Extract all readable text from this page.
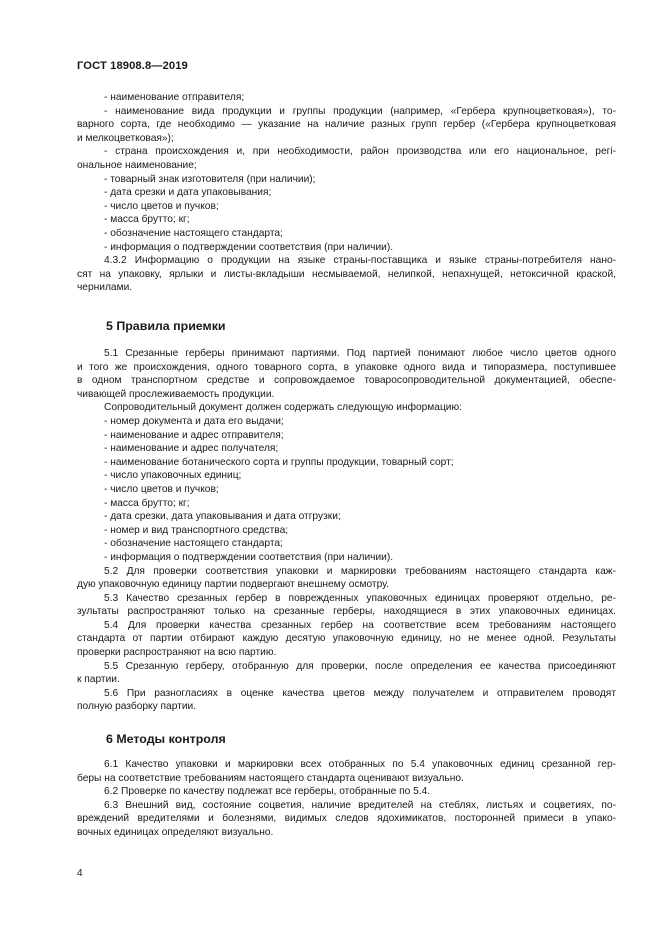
ГОСТ 18908.8—2019
- наименование отправителя;
- наименование вида продукции и группы продукции (например, «Гербера крупноцветковая»), то-
варного сорта, где необходимо — указание на наличие разных групп гербер («Гербера крупноцветковая
и мелкоцветковая»);
- страна происхождения и, при необходимости, район производства или его национальное, регі-
ональное наименование;
- товарный знак изготовителя (при наличии);
- дата срезки и дата упаковывания;
- число цветов и пучков;
- масса брутто; кг;
- обозначение настоящего стандарта;
- информация о подтверждении соответствия (при наличии).
4.3.2 Информацию о продукции на языке страны-поставщика и языке страны-потребителя нано-
сят на упаковку, ярлыки и листы-вкладыши несмываемой, нелипкой, непахнущей, нетоксичной краской,
чернилами.
5 Правила приемки
5.1 Срезанные герберы принимают партиями. Под партией понимают любое число цветов одного
и того же происхождения, одного товарного сорта, в упаковке одного вида и типоразмера, поступившее
в одном транспортном средстве и сопровождаемое товаросопроводительной документацией, обеспе-
чивающей прослеживаемость продукции.
Сопроводительный документ должен содержать следующую информацию:
- номер документа и дата его выдачи;
- наименование и адрес отправителя;
- наименование и адрес получателя;
- наименование ботанического сорта и группы продукции, товарный сорт;
- число упаковочных единиц;
- число цветов и пучков;
- масса брутто; кг;
- дата срезки, дата упаковывания и дата отгрузки;
- номер и вид транспортного средства;
- обозначение настоящего стандарта;
- информация о подтверждении соответствия (при наличии).
5.2 Для проверки соответствия упаковки и маркировки требованиям настоящего стандарта каж-
дую упаковочную единицу партии подвергают внешнему осмотру.
5.3 Качество срезанных гербер в поврежденных упаковочных единицах проверяют отдельно, ре-
зультаты распространяют только на срезанные герберы, находящиеся в этих упаковочных единицах.
5.4 Для проверки качества срезанных гербер на соответствие всем требованиям настоящего
стандарта от партии отбирают каждую десятую упаковочную единицу, но не менее одной. Результаты
проверки распространяют на всю партию.
5.5 Срезанную герберу, отобранную для проверки, после определения ее качества присоединяют
к партии.
5.6 При разногласиях в оценке качества цветов между получателем и отправителем проводят
полную разборку партии.
6 Методы контроля
6.1 Качество упаковки и маркировки всех отобранных по 5.4 упаковочных единиц срезанной гер-
беры на соответствие требованиям настоящего стандарта оценивают визуально.
6.2 Проверке по качеству подлежат все герберы, отобранные по 5.4.
6.3 Внешний вид, состояние соцветия, наличие вредителей на стеблях, листьях и соцветиях, по-
вреждений вредителями и болезнями, видимых следов ядохимикатов, посторонней примеси в упако-
вочных единицах определяют визуально.
4
